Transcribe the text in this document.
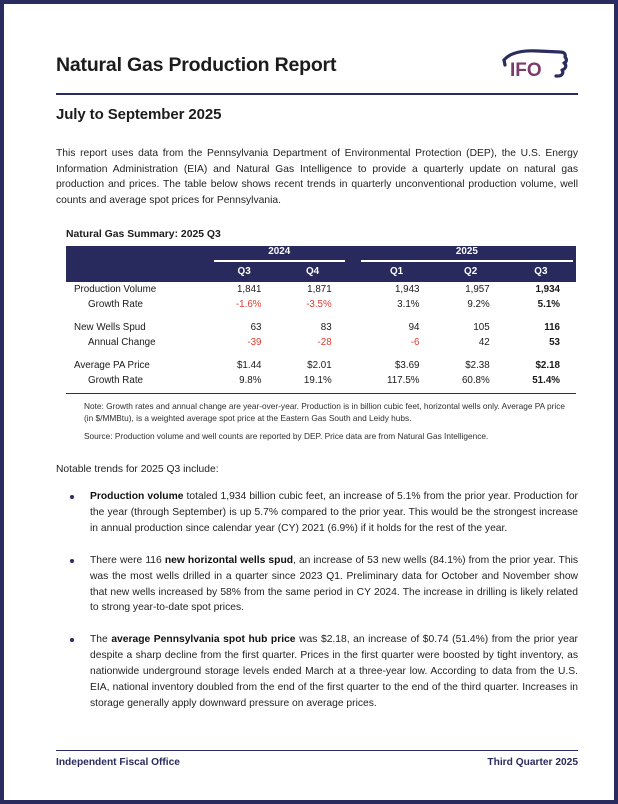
Natural Gas Production Report	IFO
July to September 2025

This report uses data from the Pennsylvania Department of Environmental Protection (DEP), the U.S. Energy Information Administration (EIA) and Natural Gas Intelligence to provide a quarterly update on natural gas production and prices. The table below shows recent trends in quarterly unconventional production volume, well counts and average spot prices for Pennsylvania.

Natural Gas Summary: 2025 Q3

	2024			2025		

	Q3	Q4		Q1	Q2	Q3
Production Volume	1,841	1,871		1,943	1,957	1,934
Growth Rate	-1.6%	-3.5%		3.1%	9.2%	5.1%

New Wells Spud	63	83		94	105	116
Annual Change	-39	-28		-6	42	53

Average PA Price	$1.44	$2.01		$3.69	$2.38	$2.18
Growth Rate	9.8%	19.1%		117.5%	60.8%	51.4%

Note: Growth rates and annual change are year-over-year. Production is in billion cubic feet, horizontal wells only. Average PA price (in $/MMBtu), is a weighted average spot price at the Eastern Gas South and Leidy hubs.

Source: Production volume and well counts are reported by DEP. Price data are from Natural Gas Intelligence.

Notable trends for 2025 Q3 include:
Production volume totaled 1,934 billion cubic feet, an increase of 5.1% from the prior year. Production for the year (through September) is up 5.7% compared to the prior year. This would be the strongest increase in annual production since calendar year (CY) 2021 (6.9%) if it holds for the rest of the year.
There were 116 new horizontal wells spud, an increase of 53 new wells (84.1%) from the prior year. This was the most wells drilled in a quarter since 2023 Q1. Preliminary data for October and November show that new wells increased by 58% from the same period in CY 2024. The increase in drilling is likely related to strong year-to-date spot prices.
The average Pennsylvania spot hub price was $2.18, an increase of $0.74 (51.4%) from the prior year despite a sharp decline from the first quarter. Prices in the first quarter were boosted by tight inventory, as nationwide underground storage levels ended March at a three-year low. According to data from the U.S. EIA, national inventory doubled from the end of the first quarter to the end of the third quarter. Increases in storage generally apply downward pressure on average prices.
Independent Fiscal Office	Third Quarter 2025
